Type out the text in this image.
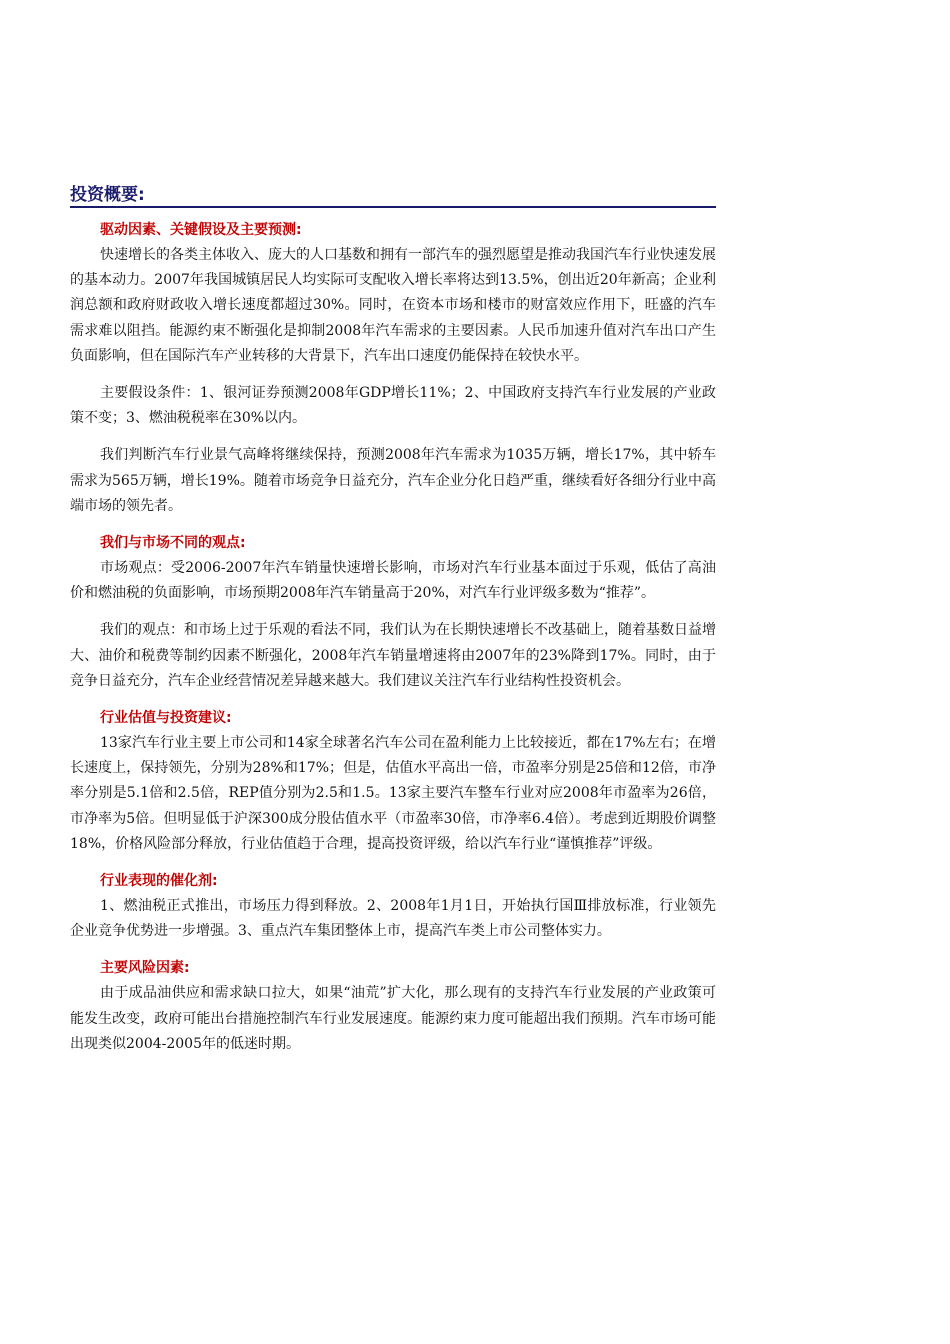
投资概要:
驱动因素、关键假设及主要预测:

快速增长的各类主体收入、庞大的人口基数和拥有一部汽车的强烈愿望是推动我国汽车行业快速发展的基本动力。2007年我国城镇居民人均实际可支配收入增长率将达到13.5%，创出近20年新高；企业利润总额和政府财政收入增长速度都超过30%。同时，在资本市场和楼市的财富效应作用下，旺盛的汽车需求难以阻挡。能源约束不断强化是抑制2008年汽车需求的主要因素。人民币加速升值对汽车出口产生负面影响，但在国际汽车产业转移的大背景下，汽车出口速度仍能保持在较快水平。

主要假设条件：1、银河证券预测2008年GDP增长11%；2、中国政府支持汽车行业发展的产业政策不变；3、燃油税税率在30%以内。

我们判断汽车行业景气高峰将继续保持，预测2008年汽车需求为1035万辆，增长17%，其中轿车需求为565万辆，增长19%。随着市场竞争日益充分，汽车企业分化日趋严重，继续看好各细分行业中高端市场的领先者。

我们与市场不同的观点:

市场观点：受2006-2007年汽车销量快速增长影响，市场对汽车行业基本面过于乐观，低估了高油价和燃油税的负面影响，市场预期2008年汽车销量高于20%，对汽车行业评级多数为“推荐”。

我们的观点：和市场上过于乐观的看法不同，我们认为在长期快速增长不改基础上，随着基数日益增大、油价和税费等制约因素不断强化，2008年汽车销量增速将由2007年的23%降到17%。同时，由于竞争日益充分，汽车企业经营情况差异越来越大。我们建议关注汽车行业结构性投资机会。

行业估值与投资建议:

13家汽车行业主要上市公司和14家全球著名汽车公司在盈利能力上比较接近，都在17%左右；在增长速度上，保持领先，分别为28%和17%；但是，估值水平高出一倍，市盈率分别是25倍和12倍，市净率分别是5.1倍和2.5倍，REP值分别为2.5和1.5。13家主要汽车整车行业对应2008年市盈率为26倍，市净率为5倍。但明显低于沪深300成分股估值水平（市盈率30倍，市净率6.4倍）。考虑到近期股价调整18%，价格风险部分释放，行业估值趋于合理，提高投资评级，给以汽车行业“谨慎推荐”评级。

行业表现的催化剂:

1、燃油税正式推出，市场压力得到释放。2、2008年1月1日，开始执行国Ⅲ排放标准，行业领先企业竞争优势进一步增强。3、重点汽车集团整体上市，提高汽车类上市公司整体实力。

主要风险因素:

由于成品油供应和需求缺口拉大，如果“油荒”扩大化，那么现有的支持汽车行业发展的产业政策可能发生改变，政府可能出台措施控制汽车行业发展速度。能源约束力度可能超出我们预期。汽车市场可能出现类似2004-2005年的低迷时期。
